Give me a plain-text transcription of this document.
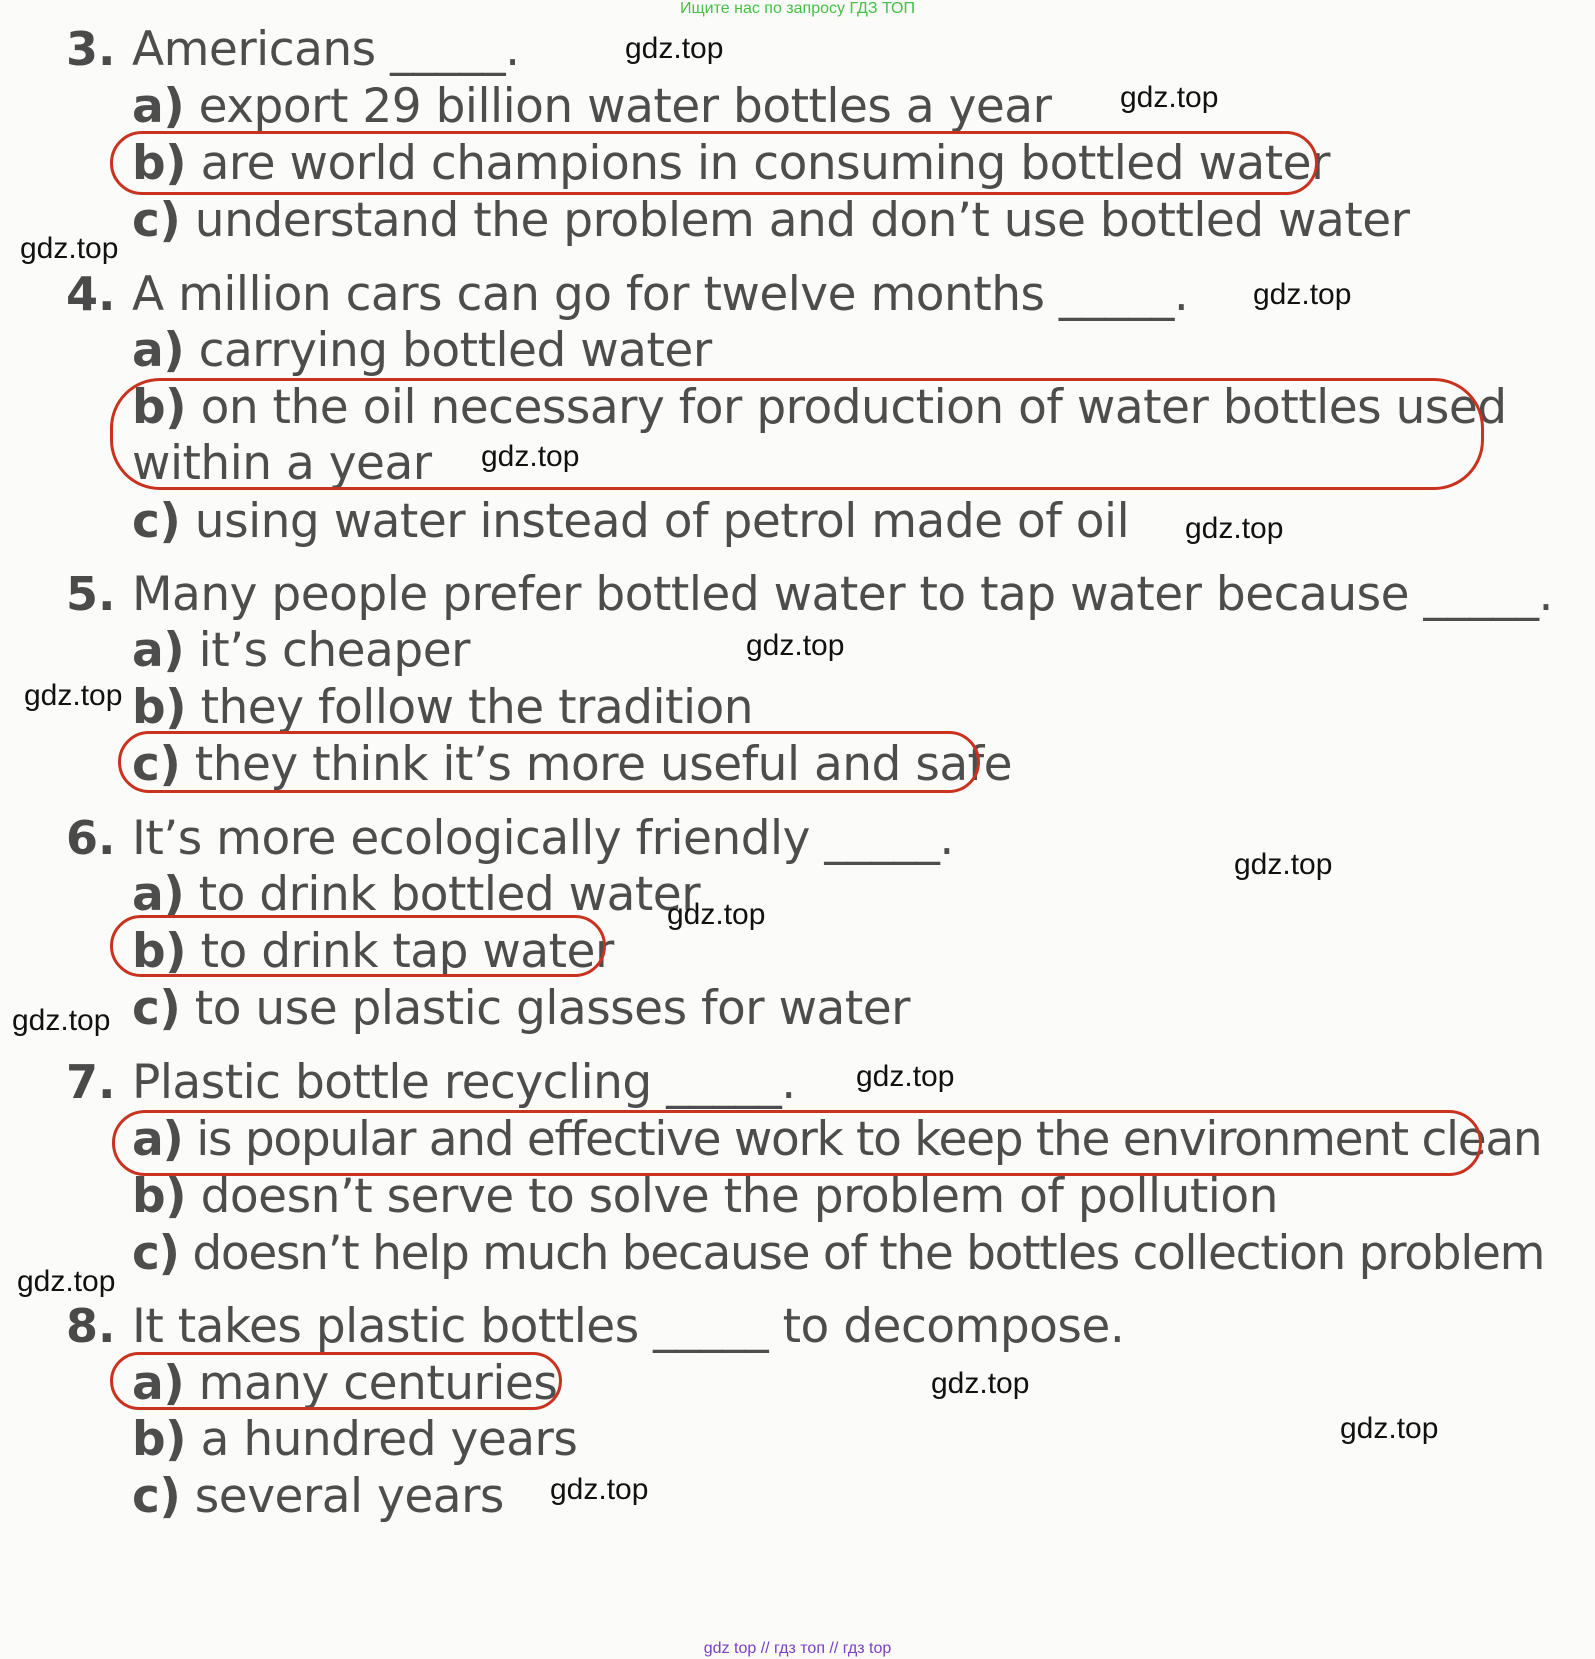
Ищите нас по запросу ГДЗ ТОП
3. Americans _____.
a) export 29 billion water bottles a year
b) are world champions in consuming bottled water
c) understand the problem and don’t use bottled water
4. A million cars can go for twelve months _____.
a) carrying bottled water
b) on the oil necessary for production of water bottles used
within a year
c) using water instead of petrol made of oil
5. Many people prefer bottled water to tap water because _____.
a) it’s cheaper
b) they follow the tradition
c) they think it’s more useful and safe
6. It’s more ecologically friendly _____.
a) to drink bottled water
b) to drink tap water
c) to use plastic glasses for water
7. Plastic bottle recycling _____.
a) is popular and effective work to keep the environment clean
b) doesn’t serve to solve the problem of pollution
c) doesn’t help much because of the bottles collection problem
8. It takes plastic bottles _____ to decompose.
a) many centuries
b) a hundred years
c) several years
gdz.top
gdz.top
gdz.top
gdz.top
gdz.top
gdz.top
gdz.top
gdz.top
gdz.top
gdz.top
gdz.top
gdz.top
gdz.top
gdz.top
gdz.top
gdz.top
gdz top // гдз топ // гдз top
